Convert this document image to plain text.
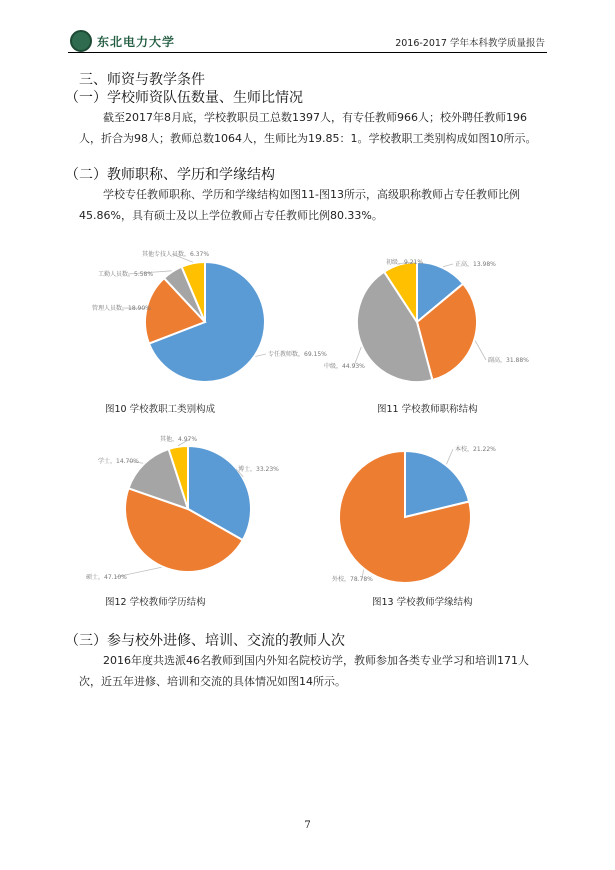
东北电力大学	2016-2017 学年本科教学质量报告
三、师资与教学条件
（一）学校师资队伍数量、生师比情况
截至2017年8月底，学校教职员工总数1397人，有专任教师966人；校外聘任教师196人，折合为98人；教师总数1064人，生师比为19.85：1。学校教职工类别构成如图10所示。
（二）教师职称、学历和学缘结构
学校专任教师职称、学历和学缘结构如图11-图13所示，高级职称教师占专任教师比例45.86%，具有硕士及以上学位教师占专任教师比例80.33%。
专任教师数，69.15%
管理人员数，18.90%
工勤人员数，5.58%
其他专技人员数，6.37%
图10 学校教职工类别构成
正高，13.98%
副高，31.88%
中级，44.93%
初级，9.21%
图11 学校教师职称结构
博士，33.23%
硕士，47.10%
学士，14.70%
其他，4.97%
图12 学校教师学历结构
本校，21.22%
外校，78.78%
图13 学校教师学缘结构
（三）参与校外进修、培训、交流的教师人次
2016年度共选派46名教师到国内外知名院校访学，教师参加各类专业学习和培训171人次，近五年进修、培训和交流的具体情况如图14所示。
7
